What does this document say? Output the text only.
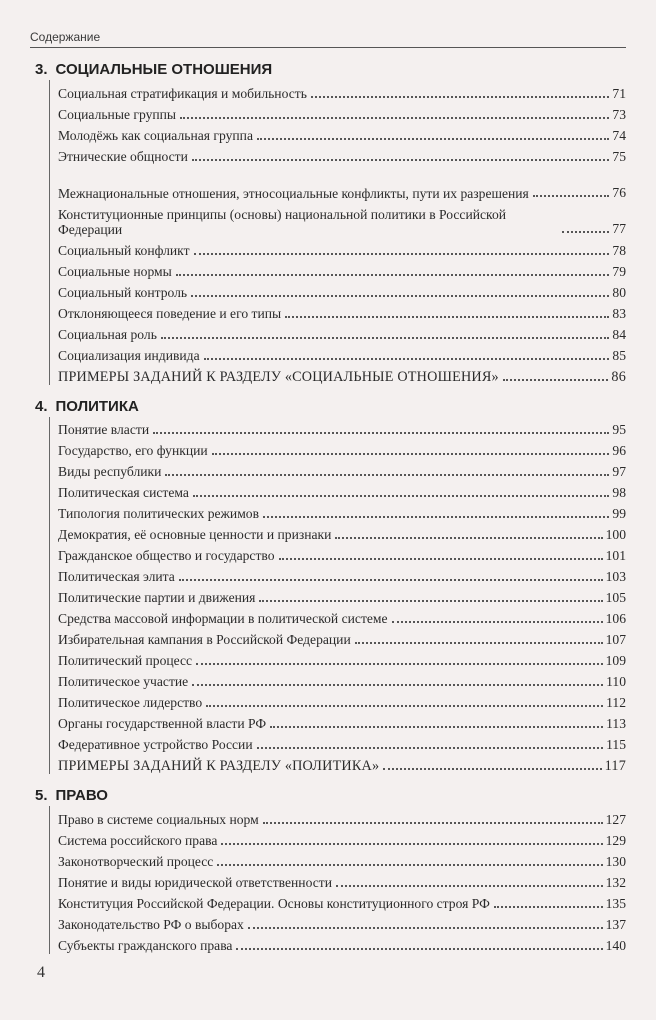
Содержание
3. СОЦИАЛЬНЫЕ ОТНОШЕНИЯ
Социальная стратификация и мобильность	71
Социальные группы	73
Молодёжь как социальная группа	74
Этнические общности	75
Межнациональные отношения, этносоциальные конфликты, пути их разрешения	76
Конституционные принципы (основы) национальной политики в Российской Федерации	77
Социальный конфликт	78
Социальные нормы	79
Социальный контроль	80
Отклоняющееся поведение и его типы	83
Социальная роль	84
Социализация индивида	85
ПРИМЕРЫ ЗАДАНИЙ К РАЗДЕЛУ «СОЦИАЛЬНЫЕ ОТНОШЕНИЯ»	86
4. ПОЛИТИКА
Понятие власти	95
Государство, его функции	96
Виды республики	97
Политическая система	98
Типология политических режимов	99
Демократия, её основные ценности и признаки	100
Гражданское общество и государство	101
Политическая элита	103
Политические партии и движения	105
Средства массовой информации в политической системе	106
Избирательная кампания в Российской Федерации	107
Политический процесс	109
Политическое участие	110
Политическое лидерство	112
Органы государственной власти РФ	113
Федеративное устройство России	115
ПРИМЕРЫ ЗАДАНИЙ К РАЗДЕЛУ «ПОЛИТИКА»	117
5. ПРАВО
Право в системе социальных норм	127
Система российского права	129
Законотворческий процесс	130
Понятие и виды юридической ответственности	132
Конституция Российской Федерации. Основы конституционного строя РФ	135
Законодательство РФ о выборах	137
Субъекты гражданского права	140
4
